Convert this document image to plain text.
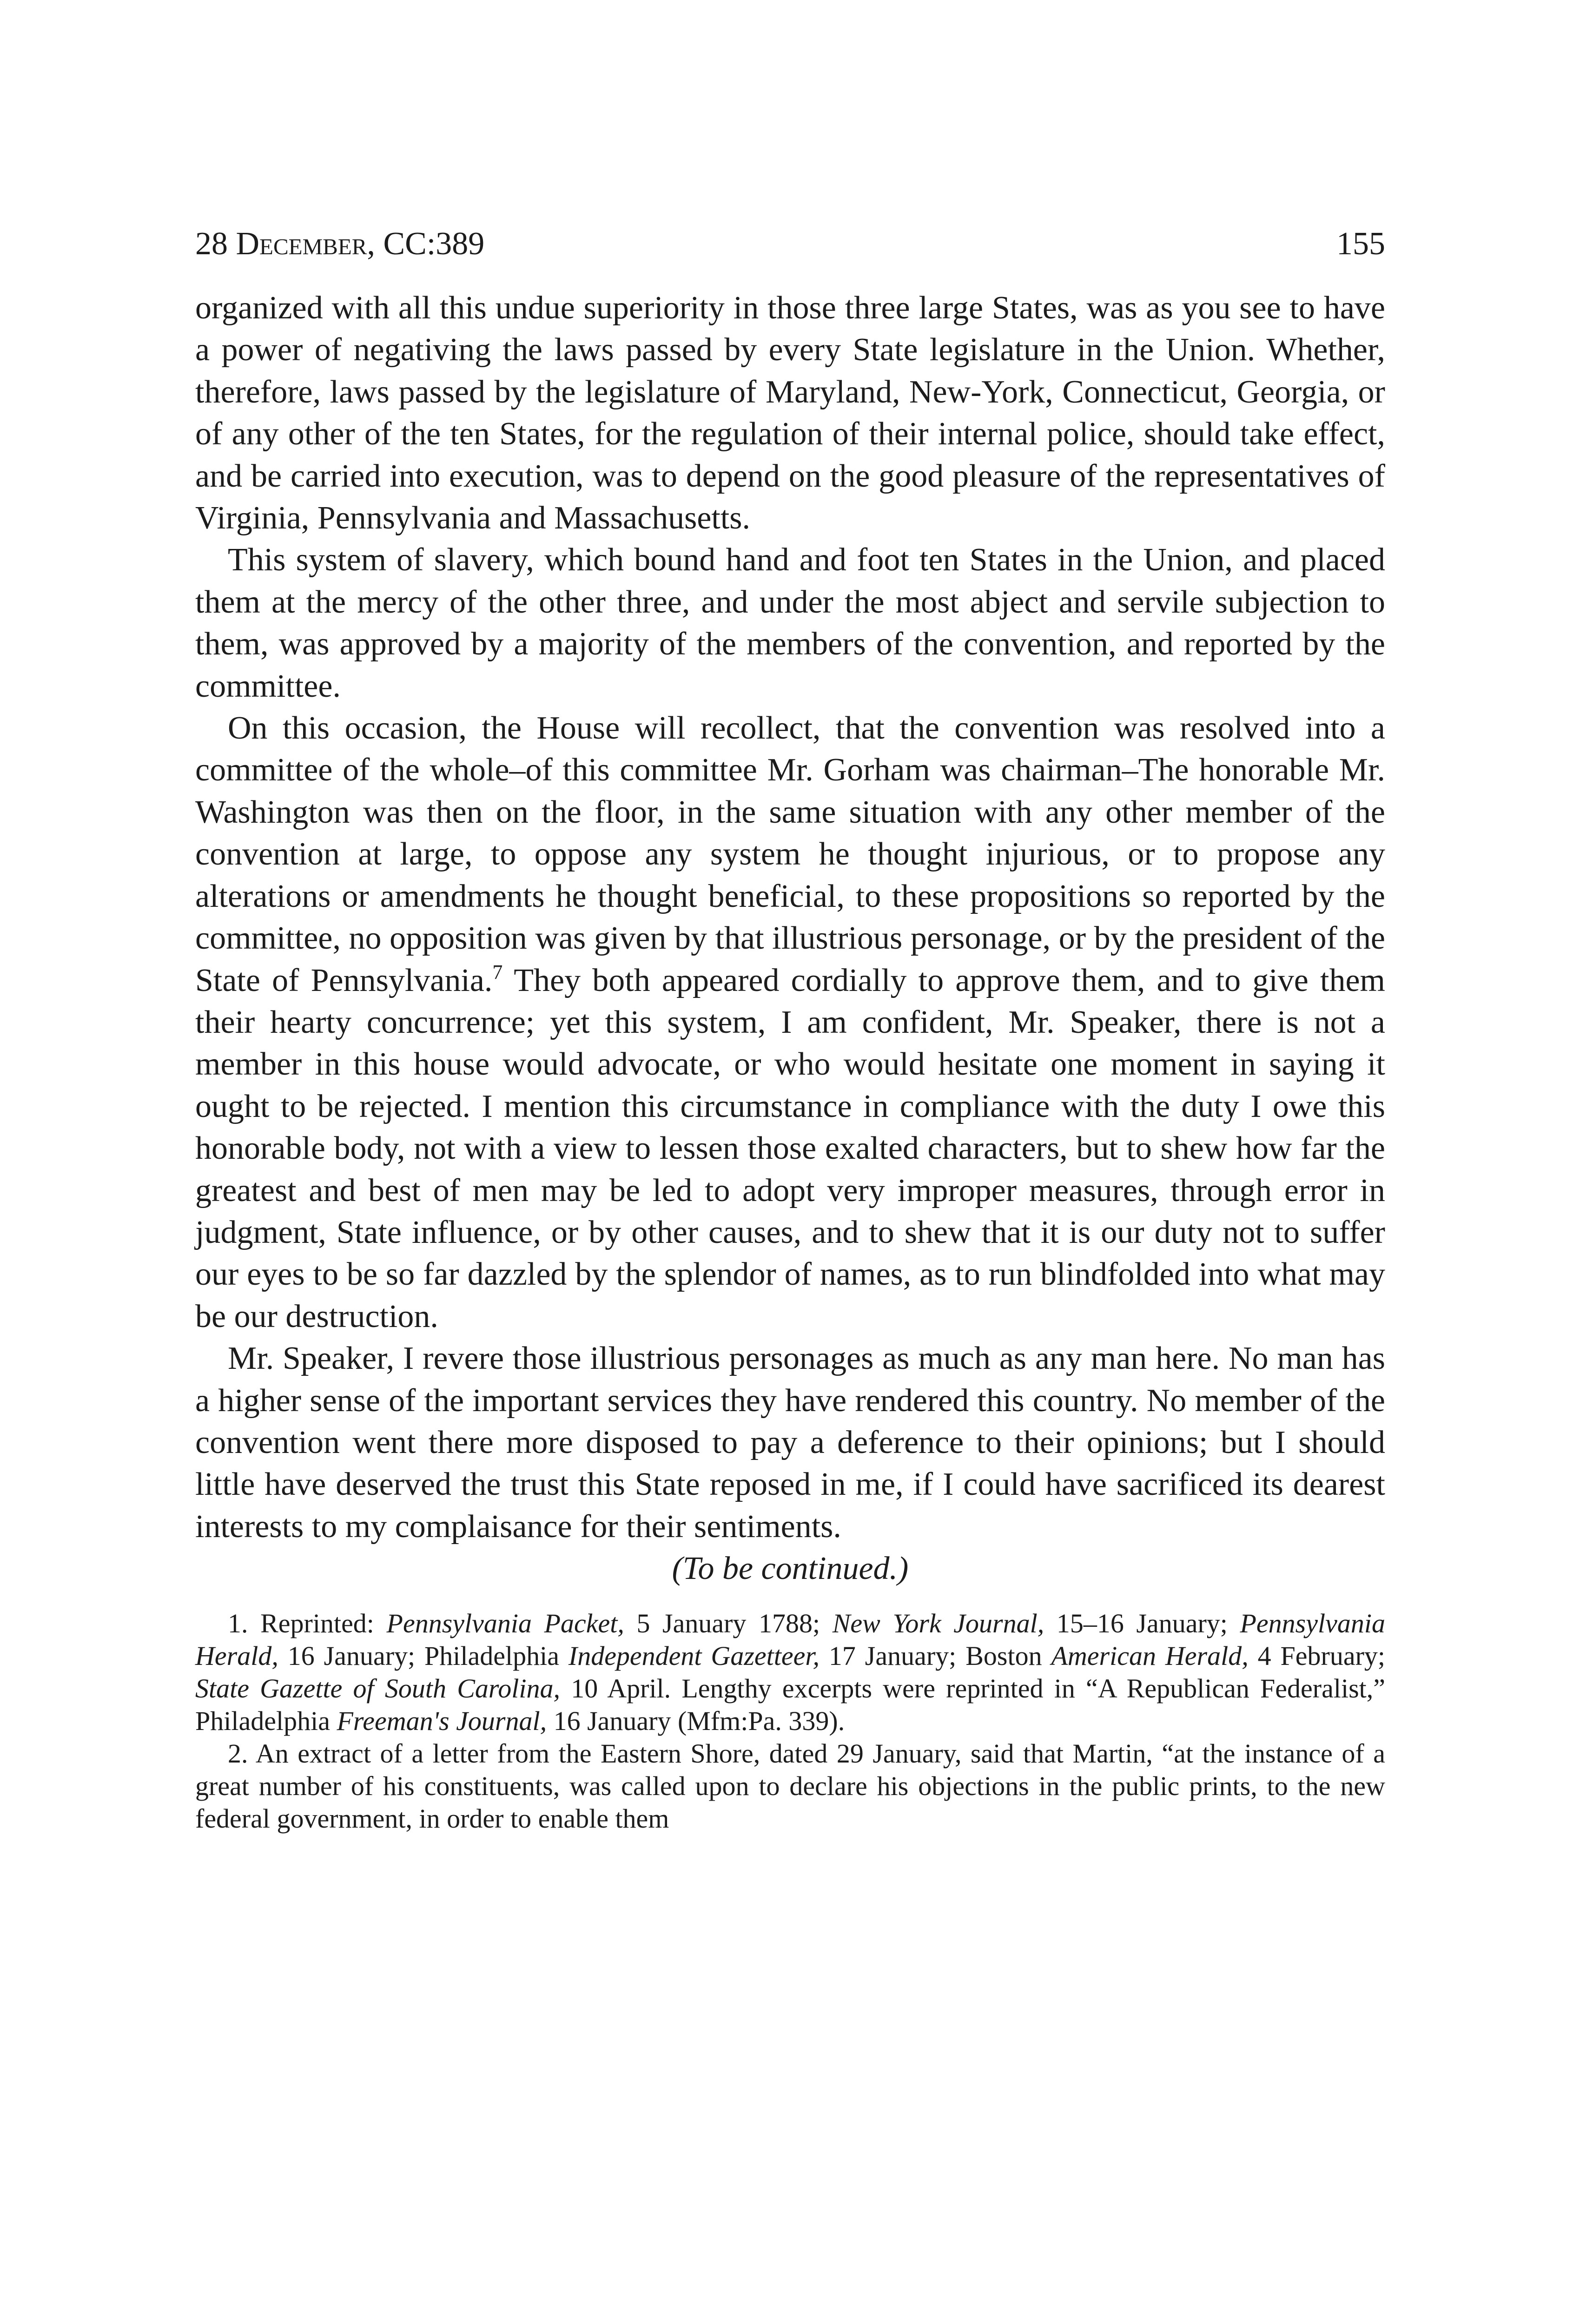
28 December, CC:389	155

organized with all this undue superiority in those three large States, was as you see to have a power of negativing the laws passed by every State legislature in the Union. Whether, therefore, laws passed by the legislature of Maryland, New-York, Connecticut, Georgia, or of any other of the ten States, for the regulation of their internal police, should take effect, and be carried into execution, was to depend on the good pleasure of the representatives of Virginia, Pennsylvania and Massachusetts.

This system of slavery, which bound hand and foot ten States in the Union, and placed them at the mercy of the other three, and under the most abject and servile subjection to them, was approved by a majority of the members of the convention, and reported by the committee.

On this occasion, the House will recollect, that the convention was resolved into a committee of the whole–of this committee Mr. Gorham was chairman–The honorable Mr. Washington was then on the floor, in the same situation with any other member of the convention at large, to oppose any system he thought injurious, or to propose any alterations or amendments he thought beneficial, to these propositions so reported by the committee, no opposition was given by that illustrious personage, or by the president of the State of Pennsylvania.$^7$ They both appeared cordially to approve them, and to give them their hearty concurrence; yet this system, I am confident, Mr. Speaker, there is not a member in this house would advocate, or who would hesitate one moment in saying it ought to be rejected. I mention this circumstance in compliance with the duty I owe this honorable body, not with a view to lessen those exalted characters, but to shew how far the greatest and best of men may be led to adopt very improper measures, through error in judgment, State influence, or by other causes, and to shew that it is our duty not to suffer our eyes to be so far dazzled by the splendor of names, as to run blindfolded into what may be our destruction.

Mr. Speaker, I revere those illustrious personages as much as any man here. No man has a higher sense of the important services they have rendered this country. No member of the convention went there more disposed to pay a deference to their opinions; but I should little have deserved the trust this State reposed in me, if I could have sacrificed its dearest interests to my complaisance for their sentiments.

(To be continued.)

1. Reprinted: Pennsylvania Packet, 5 January 1788; New York Journal, 15–16 January; Pennsylvania Herald, 16 January; Philadelphia Independent Gazetteer, 17 January; Boston American Herald, 4 February; State Gazette of South Carolina, 10 April. Lengthy excerpts were reprinted in “A Republican Federalist,” Philadelphia Freeman's Journal, 16 January (Mfm:Pa. 339).

2. An extract of a letter from the Eastern Shore, dated 29 January, said that Martin, “at the instance of a great number of his constituents, was called upon to declare his objections in the public prints, to the new federal government, in order to enable them
